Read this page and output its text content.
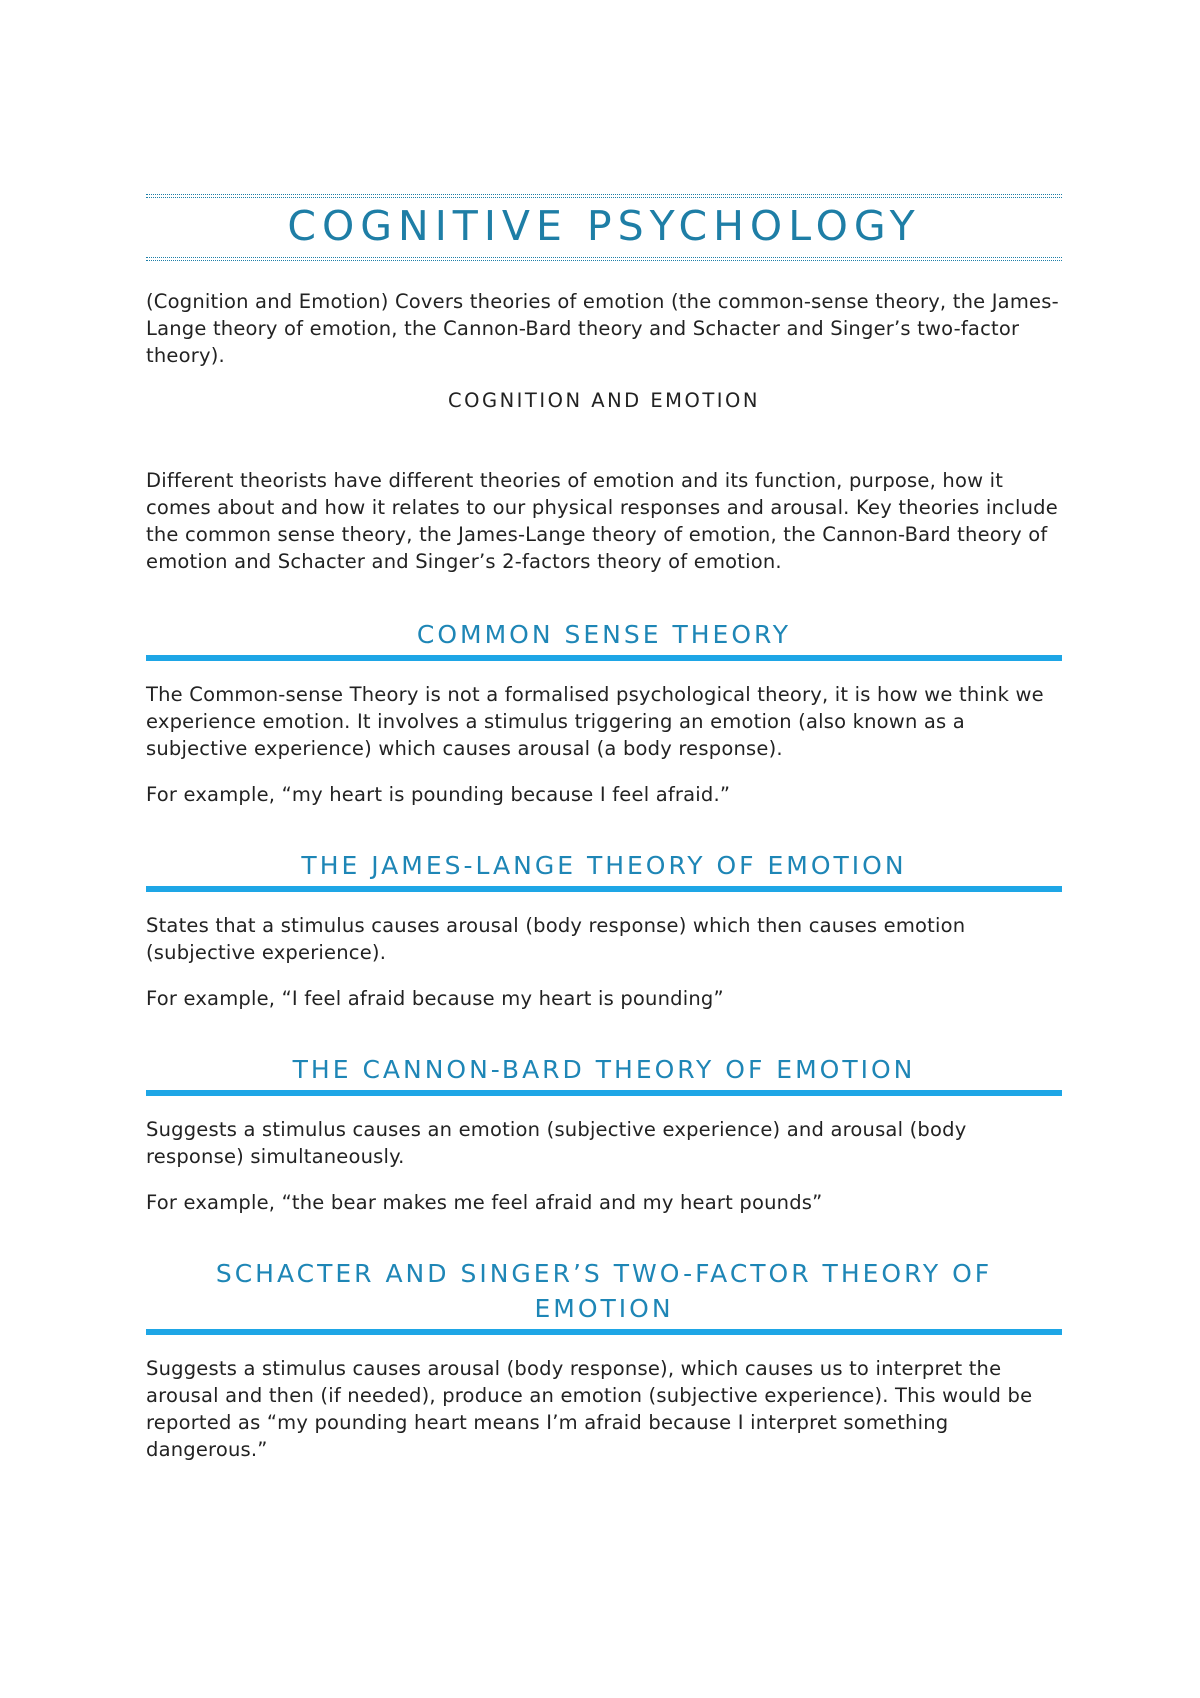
COGNITIVE PSYCHOLOGY

(Cognition and Emotion) Covers theories of emotion (the common-sense theory, the James-Lange theory of emotion, the Cannon-Bard theory and Schacter and Singer’s two-factor theory).

COGNITION AND EMOTION

Different theorists have different theories of emotion and its function, purpose, how it comes about and how it relates to our physical responses and arousal. Key theories include the common sense theory, the James-Lange theory of emotion, the Cannon-Bard theory of emotion and Schacter and Singer’s 2-factors theory of emotion.

COMMON SENSE THEORY

The Common-sense Theory is not a formalised psychological theory, it is how we think we experience emotion. It involves a stimulus triggering an emotion (also known as a subjective experience) which causes arousal (a body response).

For example, “my heart is pounding because I feel afraid.”

THE JAMES-LANGE THEORY OF EMOTION

States that a stimulus causes arousal (body response) which then causes emotion (subjective experience).

For example, “I feel afraid because my heart is pounding”

THE CANNON-BARD THEORY OF EMOTION

Suggests a stimulus causes an emotion (subjective experience) and arousal (body response) simultaneously.

For example, “the bear makes me feel afraid and my heart pounds”

SCHACTER AND SINGER’S TWO-FACTOR THEORY OF EMOTION

Suggests a stimulus causes arousal (body response), which causes us to interpret the arousal and then (if needed), produce an emotion (subjective experience). This would be reported as “my pounding heart means I’m afraid because I interpret something dangerous.”
